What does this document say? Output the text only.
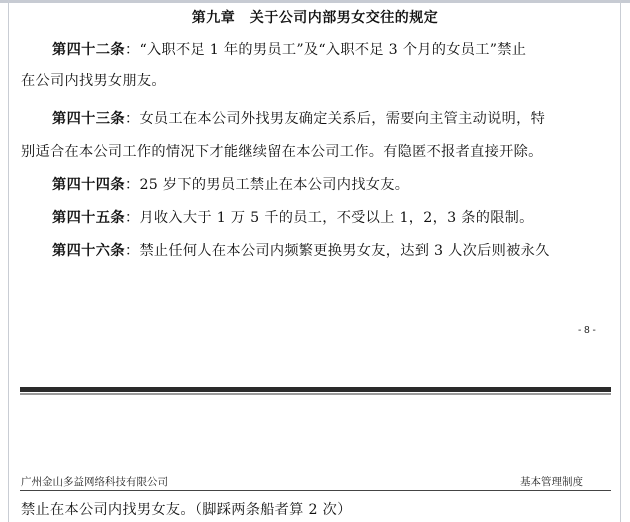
第九章　关于公司内部男女交往的规定
第四十二条：“入职不足 1 年的男员工”及“入职不足 3 个月的女员工”禁止
在公司内找男女朋友。
第四十三条：女员工在本公司外找男友确定关系后，需要向主管主动说明，特
别适合在本公司工作的情况下才能继续留在本公司工作。有隐匿不报者直接开除。
第四十四条：25 岁下的男员工禁止在本公司内找女友。
第四十五条：月收入大于 1 万 5 千的员工，不受以上 1，2，3 条的限制。
第四十六条：禁止任何人在本公司内频繁更换男女友，达到 3 人次后则被永久
- 8 -
广州金山多益网络科技有限公司	基本管理制度
禁止在本公司内找男女友。（脚踩两条船者算 2 次）
